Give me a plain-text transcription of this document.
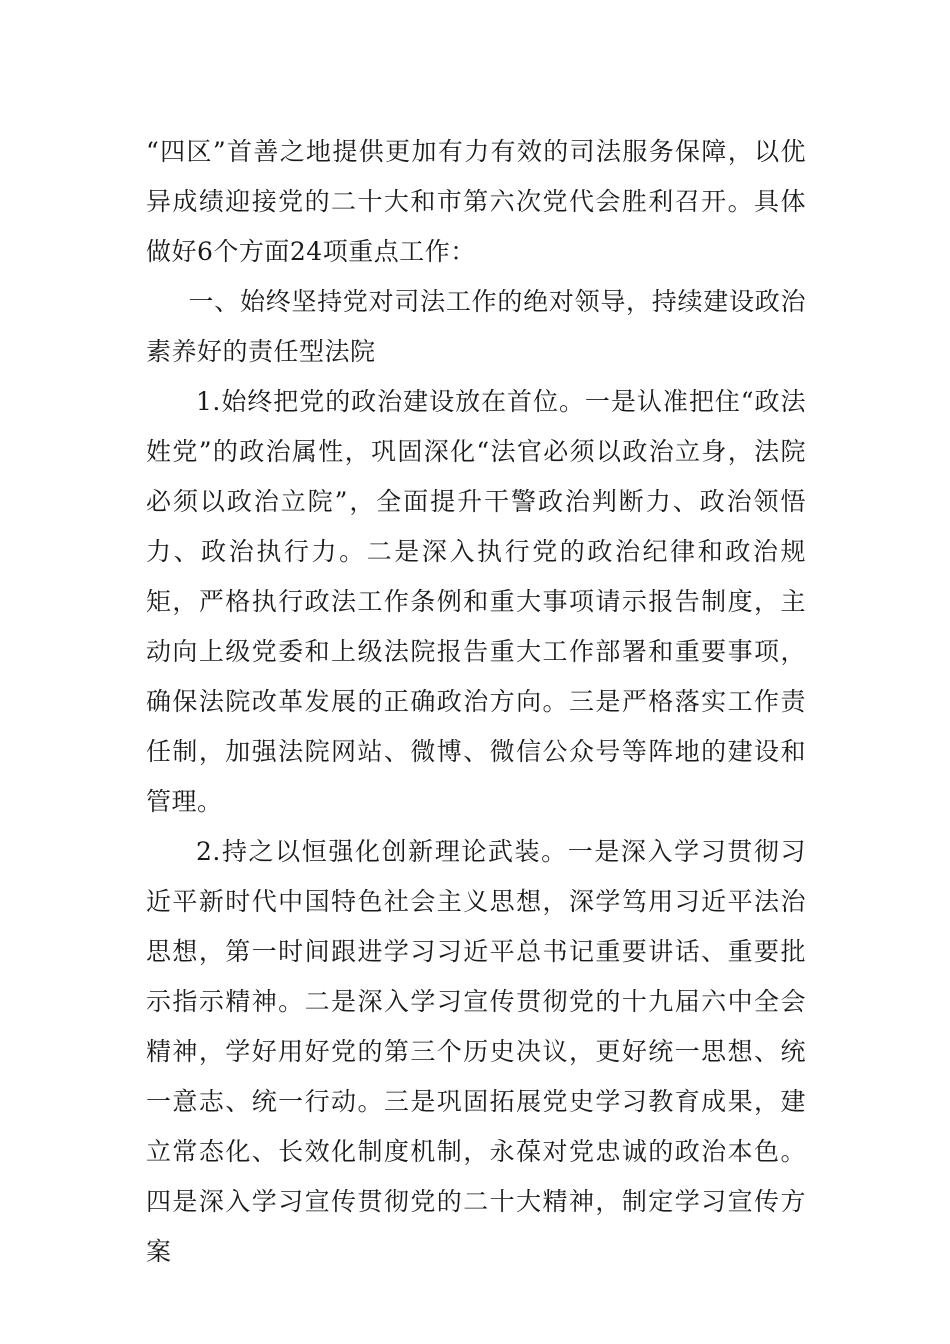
“四区”首善之地提供更加有力有效的司法服务保障，以优异成绩迎接党的二十大和市第六次党代会胜利召开。具体做好6个方面24项重点工作：

一、始终坚持党对司法工作的绝对领导，持续建设政治素养好的责任型法院

1.始终把党的政治建设放在首位。一是认准把住“政法姓党”的政治属性，巩固深化“法官必须以政治立身，法院必须以政治立院”，全面提升干警政治判断力、政治领悟力、政治执行力。二是深入执行党的政治纪律和政治规矩，严格执行政法工作条例和重大事项请示报告制度，主动向上级党委和上级法院报告重大工作部署和重要事项，确保法院改革发展的正确政治方向。三是严格落实工作责任制，加强法院网站、微博、微信公众号等阵地的建设和管理。

2.持之以恒强化创新理论武装。一是深入学习贯彻习近平新时代中国特色社会主义思想，深学笃用习近平法治思想，第一时间跟进学习习近平总书记重要讲话、重要批示指示精神。二是深入学习宣传贯彻党的十九届六中全会精神，学好用好党的第三个历史决议，更好统一思想、统一意志、统一行动。三是巩固拓展党史学习教育成果，建立常态化、长效化制度机制，永葆对党忠诚的政治本色。四是深入学习宣传贯彻党的二十大精神，制定学习宣传方案
